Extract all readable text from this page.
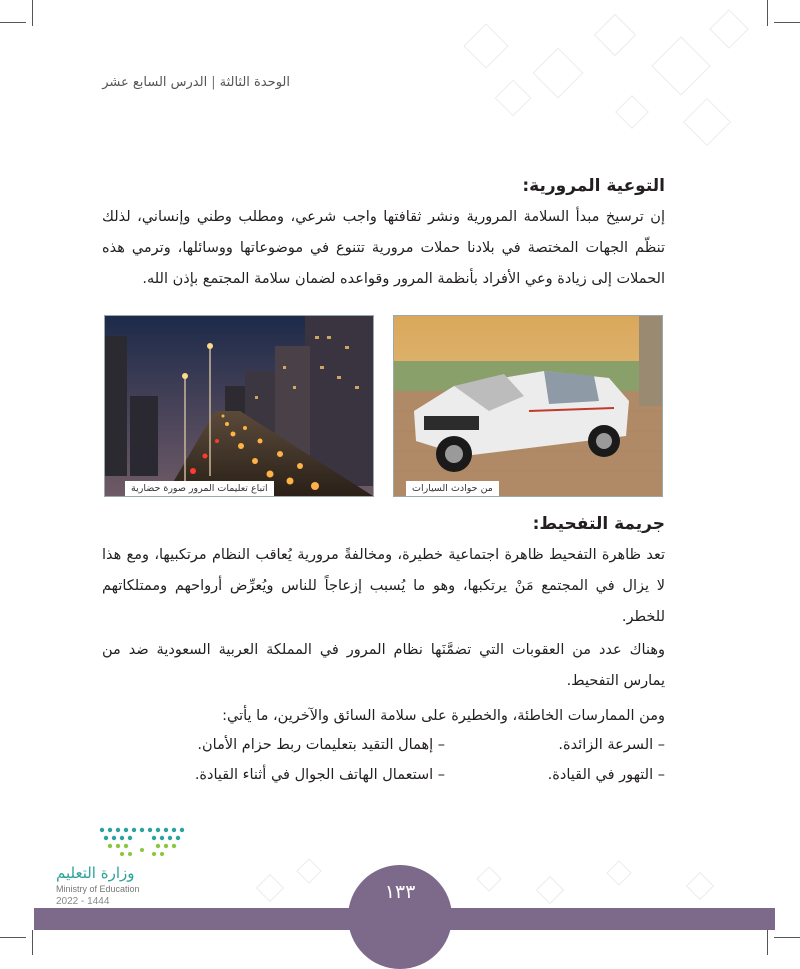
الوحدة الثالثة|الدرس السابع عشر
التوعية المرورية:
إن ترسيخ مبدأ السلامة المرورية ونشر ثقافتها واجب شرعي، ومطلب وطني وإنساني، لذلك تنظّم الجهات المختصة في بلادنا حملات مرورية تتنوع في موضوعاتها ووسائلها، وترمي هذه الحملات إلى زيادة وعي الأفراد بأنظمة المرور وقواعده لضمان سلامة المجتمع بإذن الله.
اتباع تعليمات المرور صورة حضارية	من حوادث السيارات
جريمة التفحيط:
تعد ظاهرة التفحيط ظاهرة اجتماعية خطيرة، ومخالفةً مرورية يُعاقب النظام مرتكبيها، ومع هذا لا يزال في المجتمع مَنْ يرتكبها، وهو ما يُسبب إزعاجاً للناس ويُعرِّض أرواحهم وممتلكاتهم للخطر.
وهناك عدد من العقوبات التي تضمَّنَها نظام المرور في المملكة العربية السعودية ضد من يمارس التفحيط.
ومن الممارسات الخاطئة، والخطيرة على سلامة السائق والآخرين، ما يأتي:
– السرعة الزائدة.
– إهمال التقيد بتعليمات ربط حزام الأمان.
– التهور في القيادة.
– استعمال الهاتف الجوال في أثناء القيادة.
وزارة التعليم
Ministry of Education
2022 - 1444	١٣٣
